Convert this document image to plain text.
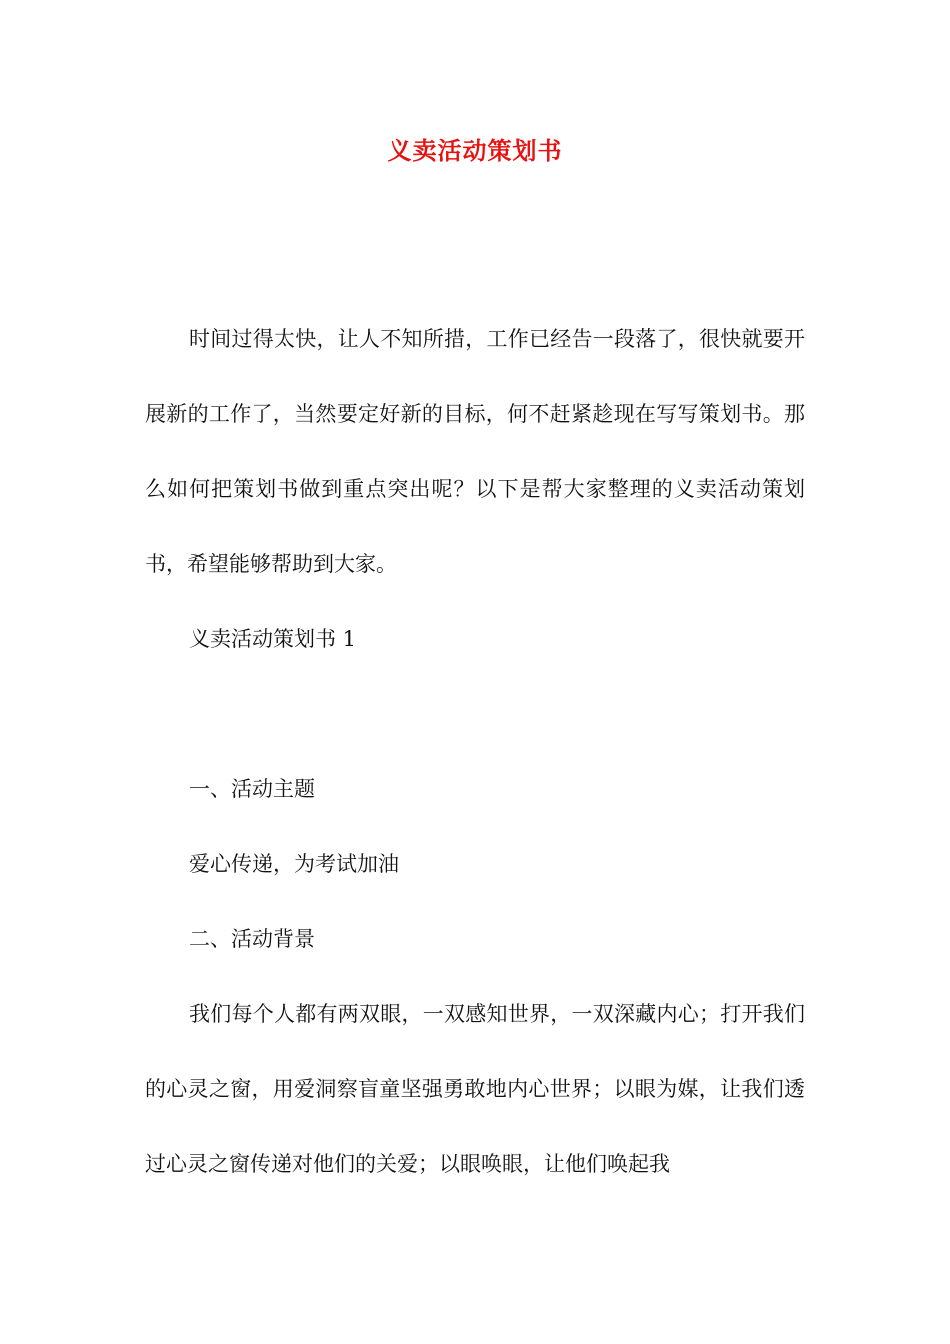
义卖活动策划书

时间过得太快，让人不知所措，工作已经告一段落了，很快就要开展新的工作了，当然要定好新的目标，何不赶紧趁现在写写策划书。那么如何把策划书做到重点突出呢？以下是帮大家整理的义卖活动策划书，希望能够帮助到大家。

义卖活动策划书 1

一、活动主题

爱心传递，为考试加油

二、活动背景

我们每个人都有两双眼，一双感知世界，一双深藏内心；打开我们的心灵之窗，用爱洞察盲童坚强勇敢地内心世界；以眼为媒，让我们透过心灵之窗传递对他们的关爱；以眼唤眼，让他们唤起我
